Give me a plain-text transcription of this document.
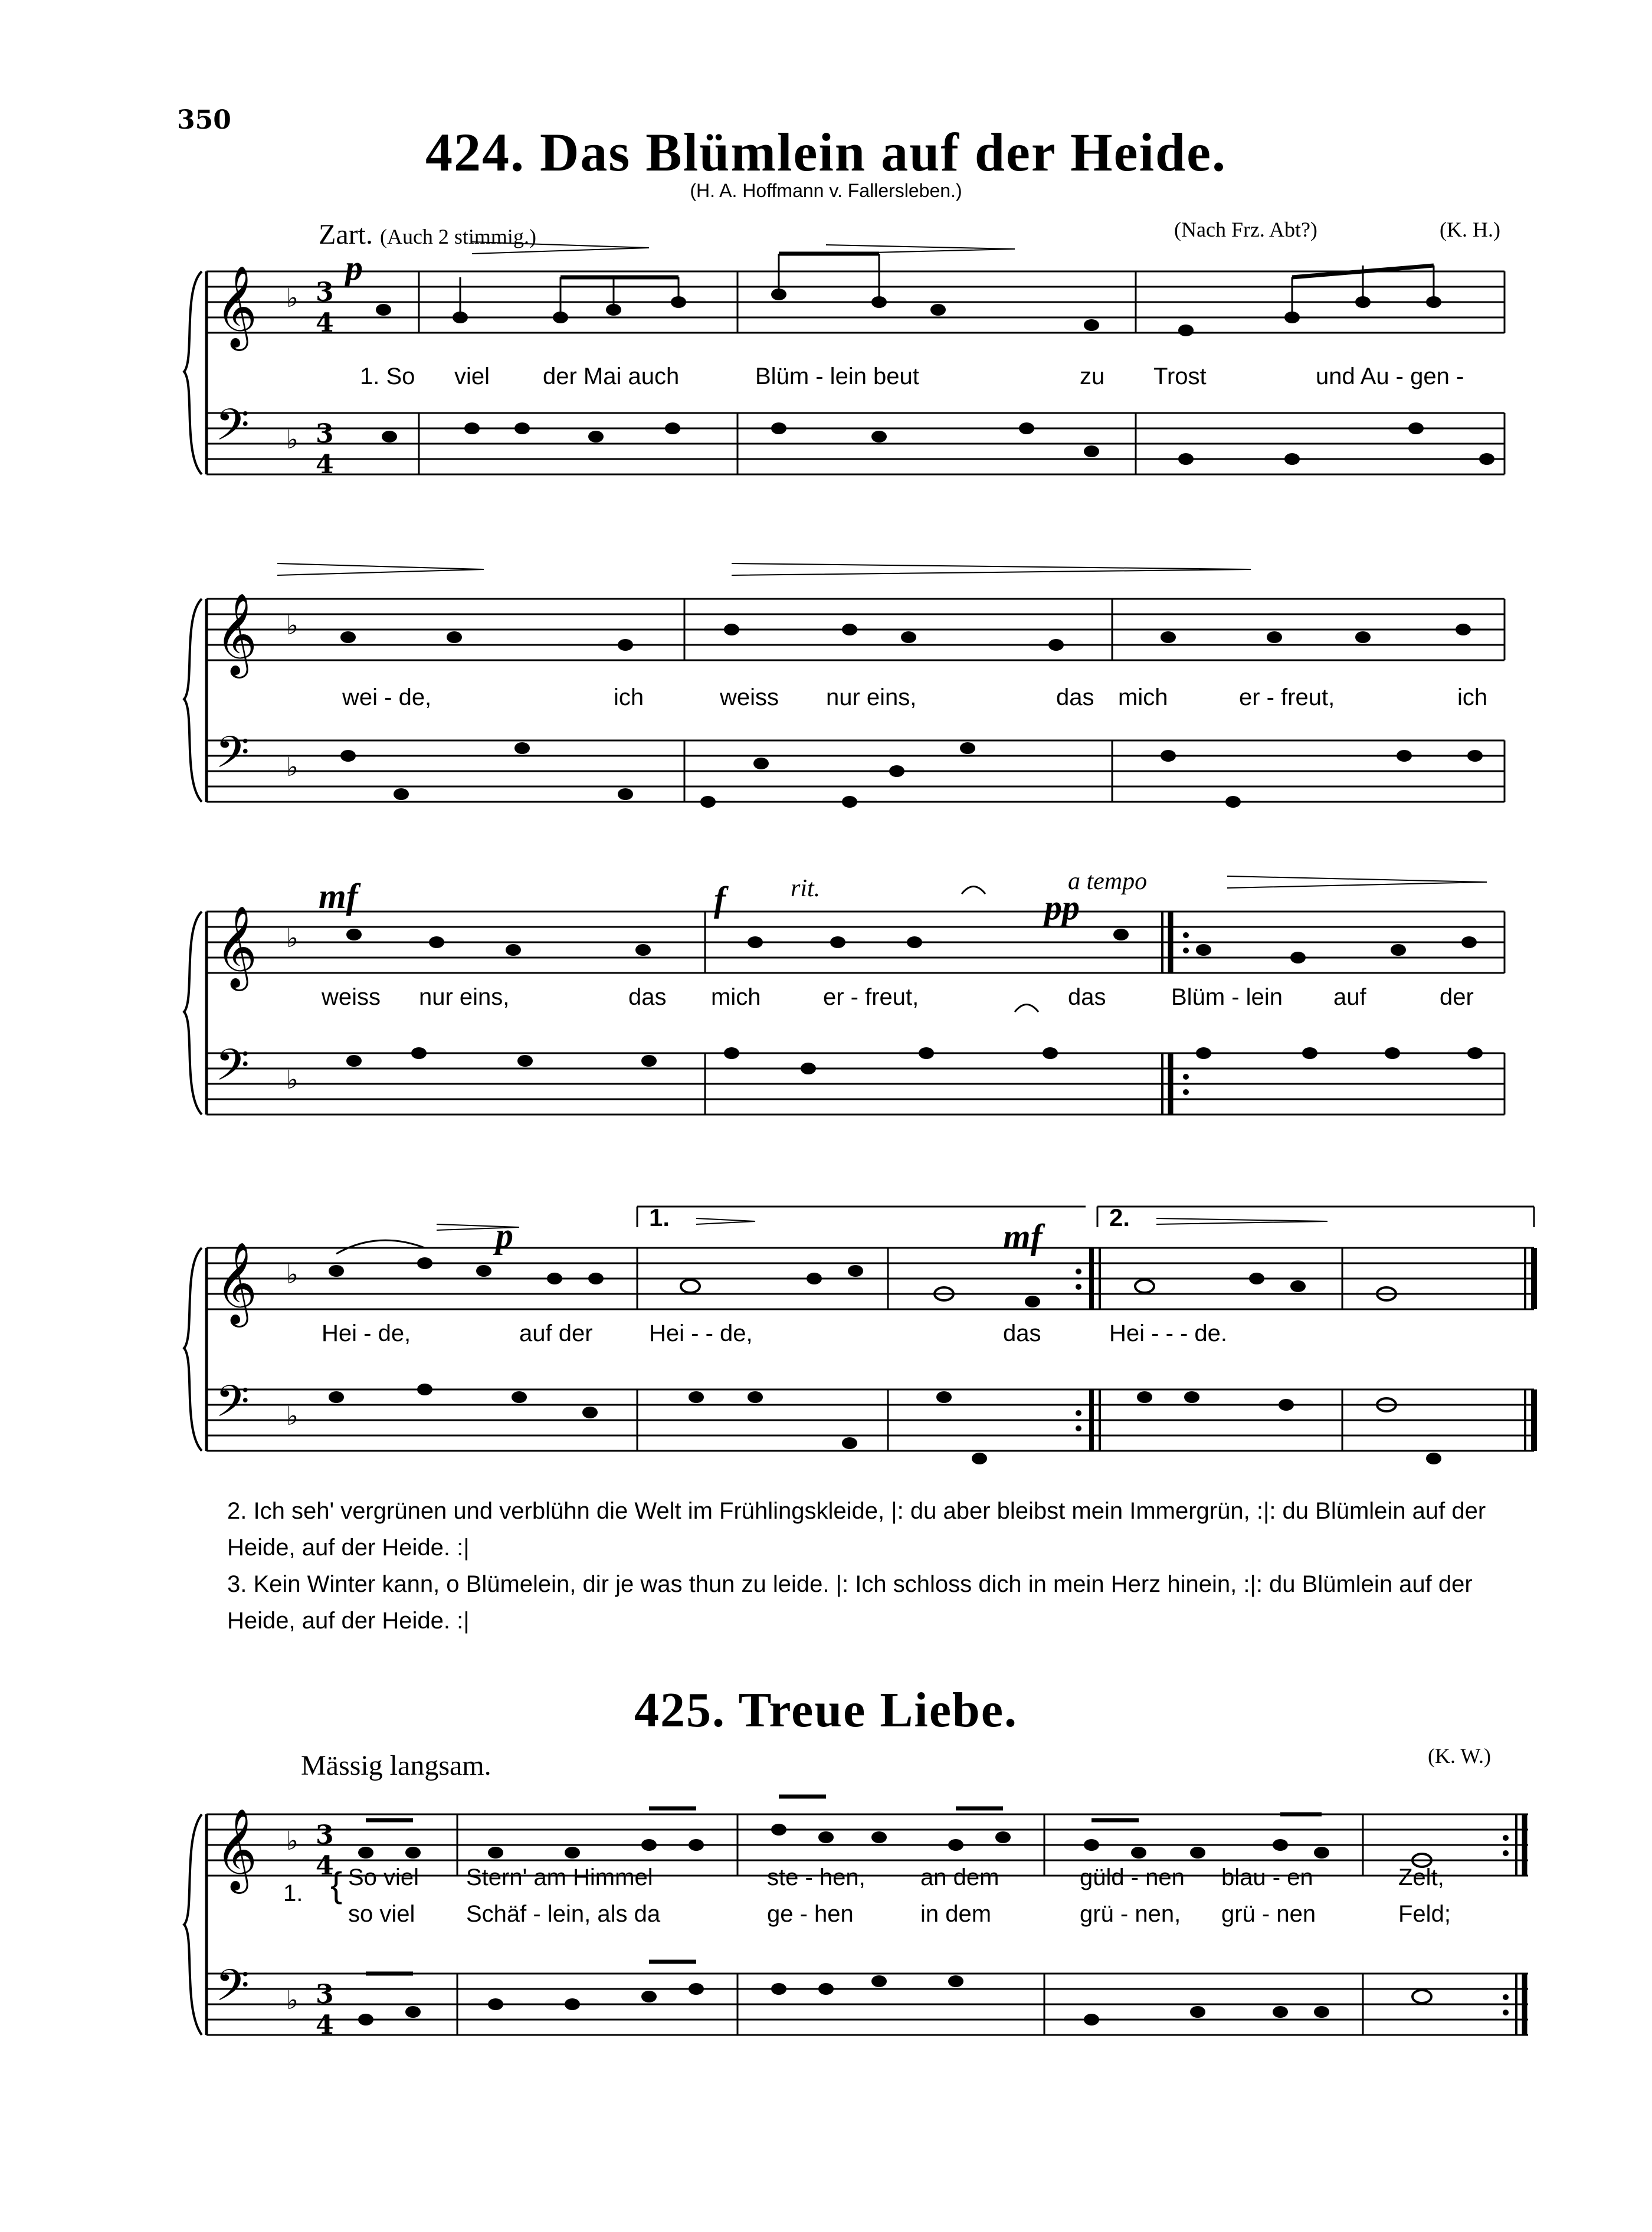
350
424. Das Blümlein auf der Heide.
(H. A. Hoffmann v. Fallersleben.)
Zart. (Auch 2 stimmig.)	(Nach Frz. Abt?)	(K. H.)
𝄞
𝄢
♭
♭
3
4
3
4
p
1. So viel der Mai auch	Blüm - lein beut	zu Trost	und Au - gen -
𝄞
𝄢
♭
♭
wei - de,	ich	weiss nur eins,	das mich	er - freut,	ich
𝄞
𝄢
♭
♭
mf	f	rit.	pp
a tempo
weiss nur eins,	das mich	er - freut,	das	Blüm - lein auf	der
𝄞
𝄢
♭
♭
1.	2.
p	mf
Hei - de,	auf der Hei - - de,	das	Hei - - - de.
2. Ich seh' vergrünen und verblühn die Welt im Frühlingskleide, |: du aber bleibst mein Immergrün, :|: du Blümlein auf der Heide, auf der Heide. :|
3. Kein Winter kann, o Blümelein, dir je was thun zu leide. |: Ich schloss dich in mein Herz hinein, :|: du Blümlein auf der Heide, auf der Heide. :|
425. Treue Liebe.
Mässig langsam.	(K. W.)
𝄞
𝄢
♭
♭
3
4
3
4
1. { So viel Stern' am Himmel	ste - hen, an dem	güld - nen blau - en	Zelt,
so viel Schäf - lein, als da	ge - hen	in dem	grü - nen, grü - nen	Feld;
